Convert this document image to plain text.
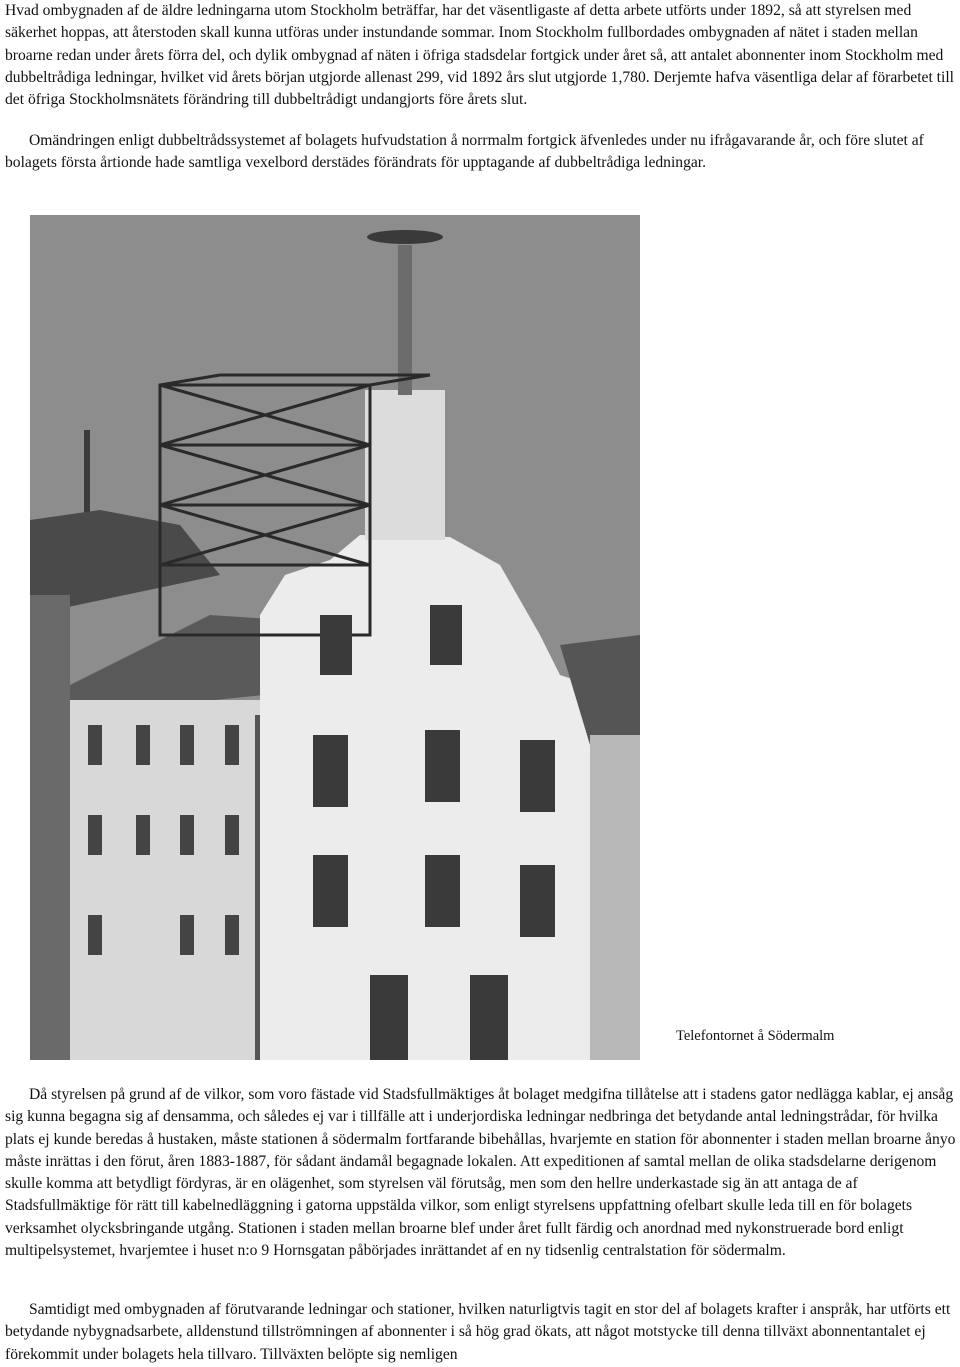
Hvad ombygnaden af de äldre ledningarna utom Stockholm beträffar, har det väsentligaste af detta arbete utförts under 1892, så att styrelsen med säkerhet hoppas, att återstoden skall kunna utföras under instundande sommar. Inom Stockholm fullbordades ombygnaden af nätet i staden mellan broarne redan under årets förra del, och dylik ombygnad af näten i öfriga stadsdelar fortgick under året så, att antalet abonnenter inom Stockholm med dubbeltrådiga ledningar, hvilket vid årets början utgjorde allenast 299, vid 1892 års slut utgjorde 1,780. Derjemte hafva väsentliga delar af förarbetet till det öfriga Stockholmsnätets förändring till dubbeltrådigt undangjorts före årets slut.

Omändringen enligt dubbeltrådssystemet af bolagets hufvudstation å norrmalm fortgick äfvenledes under nu ifrågavarande år, och före slutet af bolagets första årtionde hade samtliga vexelbord derstädes förändrats för upptagande af dubbeltrådiga ledningar.

Telefontornet å Södermalm

Då styrelsen på grund af de vilkor, som voro fästade vid Stadsfullmäktiges åt bolaget medgifna tillåtelse att i stadens gator nedlägga kablar, ej ansåg sig kunna begagna sig af densamma, och således ej var i tillfälle att i underjordiska ledningar nedbringa det betydande antal ledningstrådar, för hvilka plats ej kunde beredas å hustaken, måste stationen å södermalm fortfarande bibehållas, hvarjemte en station för abonnenter i staden mellan broarne ånyo måste inrättas i den förut, åren 1883-1887, för sådant ändamål begagnade lokalen. Att expeditionen af samtal mellan de olika stadsdelarne derigenom skulle komma att betydligt fördyras, är en olägenhet, som styrelsen väl förutsåg, men som den hellre underkastade sig än att antaga de af Stadsfullmäktige för rätt till kabelnedläggning i gatorna uppstälda vilkor, som enligt styrelsens uppfattning ofelbart skulle leda till en för bolagets verksamhet olycksbringande utgång. Stationen i staden mellan broarne blef under året fullt färdig och anordnad med nykonstruerade bord enligt multipelsystemet, hvarjemtee i huset n:o 9 Hornsgatan påbörjades inrättandet af en ny tidsenlig centralstation för södermalm.

Samtidigt med ombygnaden af förutvarande ledningar och stationer, hvilken naturligtvis tagit en stor del af bolagets krafter i anspråk, har utförts ett betydande nybygnadsarbete, alldenstund tillströmningen af abonnenter i så hög grad ökats, att något motstycke till denna tillväxt abonnentantalet ej förekommit under bolagets hela tillvaro. Tillväxten belöpte sig nemligen
